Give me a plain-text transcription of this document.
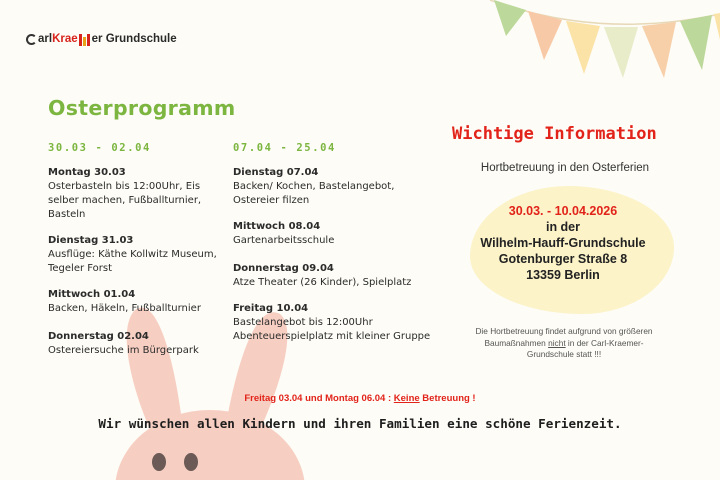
arl Krae er Grundschule
Osterprogramm
30.03 - 02.04
Montag 30.03
Osterbasteln bis 12:00Uhr, Eis
selber machen, Fußballturnier,
Basteln
Dienstag 31.03
Ausflüge: Käthe Kollwitz Museum,
Tegeler Forst
Mittwoch 01.04
Backen, Häkeln, Fußballturnier
Donnerstag 02.04
Ostereiersuche im Bürgerpark
07.04 - 25.04
Dienstag 07.04
Backen/ Kochen, Bastelangebot,
Ostereier filzen
Mittwoch 08.04
Gartenarbeitsschule
Donnerstag 09.04
Atze Theater (26 Kinder), Spielplatz
Freitag 10.04
Bastelangebot bis 12:00Uhr
Abenteuerspielplatz mit kleiner Gruppe
Wichtige Information
Hortbetreuung in den Osterferien
30.03. - 10.04.2026
in der
Wilhelm-Hauff-Grundschule
Gotenburger Straße 8
13359 Berlin
Die Hortbetreuung findet aufgrund von größeren
Baumaßnahmen nicht in der Carl-Kraemer-
Grundschule statt !!!
Freitag 03.04 und Montag 06.04 : Keine Betreuung !
Wir wünschen allen Kindern und ihren Familien eine schöne Ferienzeit.
